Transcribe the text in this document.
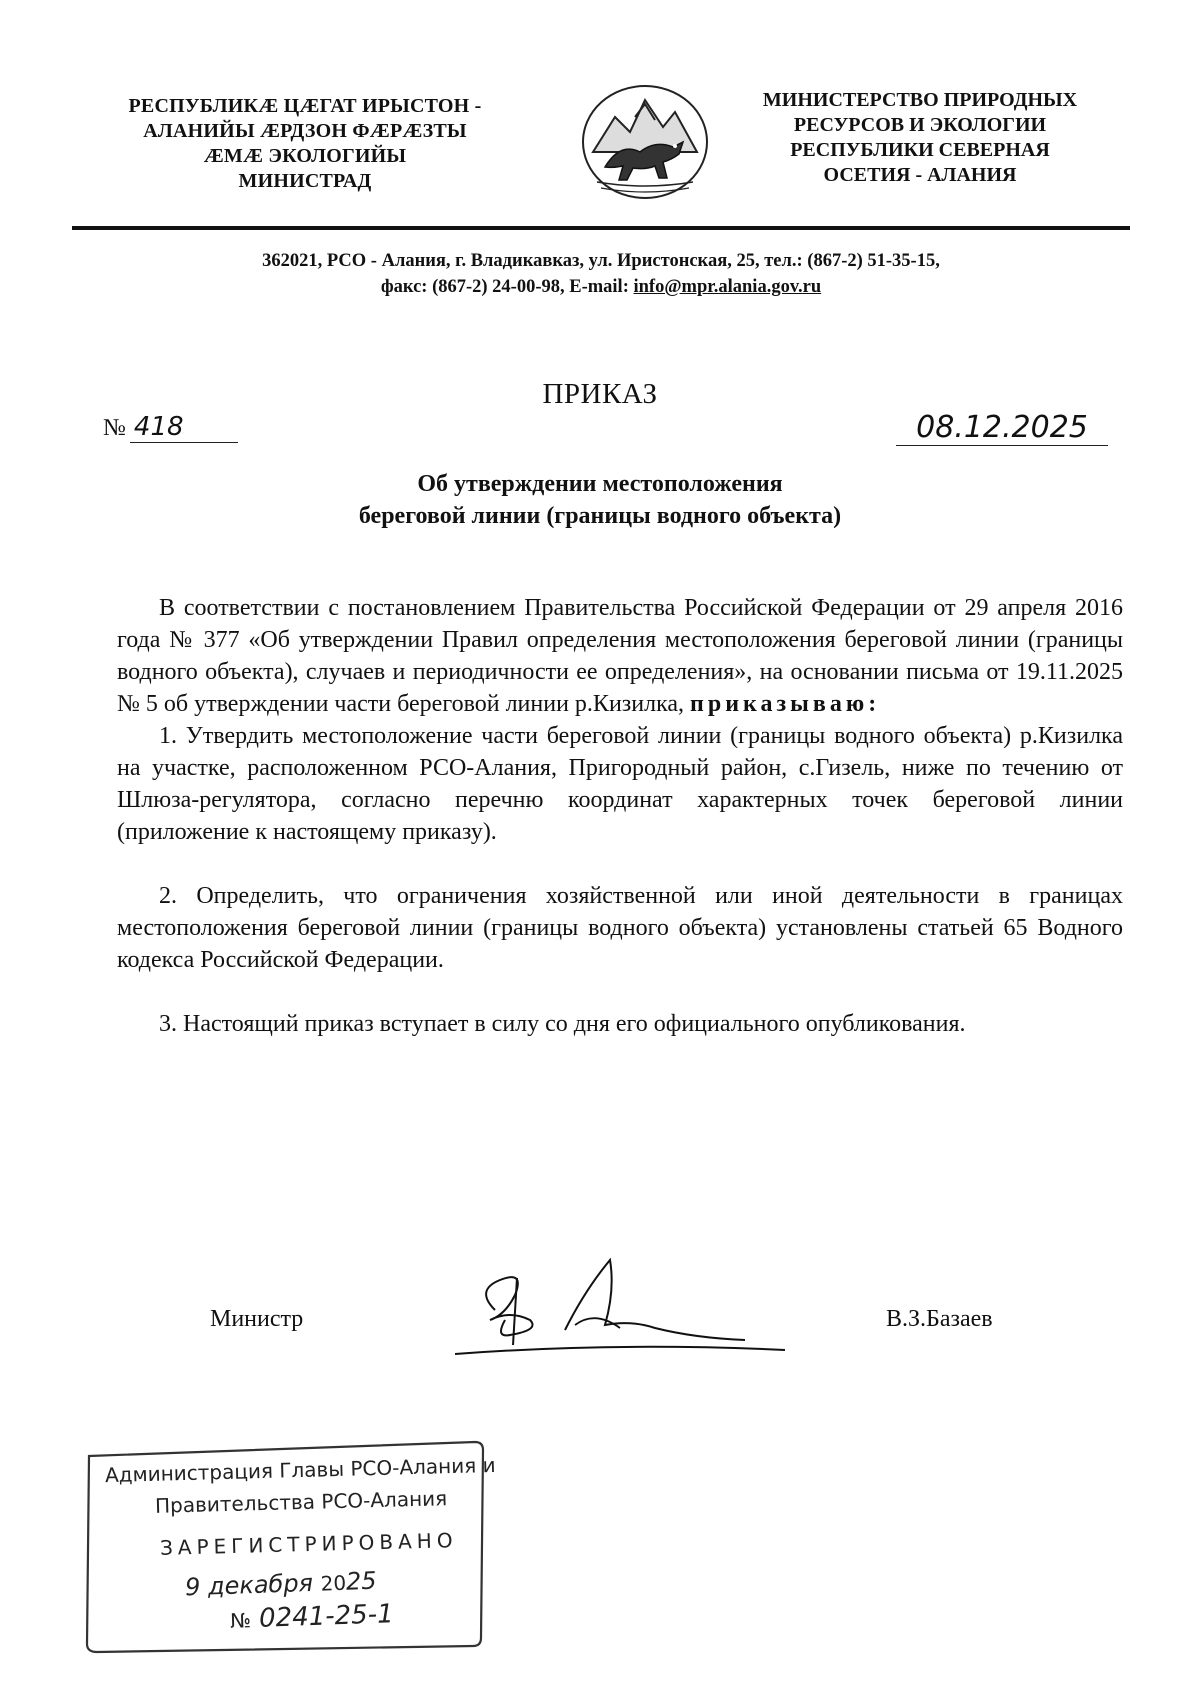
РЕСПУБЛИКӔ ЦӔГАТ ИРЫСТОН -
АЛАНИЙЫ ӔРДЗОН ФӔРӔЗТЫ
ӔМӔ ЭКОЛОГИЙЫ
МИНИСТРАД
МИНИСТЕРСТВО ПРИРОДНЫХ
РЕСУРСОВ И ЭКОЛОГИИ
РЕСПУБЛИКИ СЕВЕРНАЯ
ОСЕТИЯ - АЛАНИЯ
362021, РСО - Алания, г. Владикавказ, ул. Иристонская, 25, тел.: (867-2) 51-35-15,
факс: (867-2) 24-00-98, E-mail: info@mpr.alania.gov.ru
ПРИКАЗ
№ 418	08.12.2025
Об утверждении местоположения
береговой линии (границы водного объекта)

В соответствии с постановлением Правительства Российской Федерации от 29 апреля 2016 года № 377 «Об утверждении Правил определения местоположения береговой линии (границы водного объекта), случаев и периодичности ее определения», на основании письма от 19.11.2025 № 5 об утверждении части береговой линии р.Кизилка, приказываю:

1. Утвердить местоположение части береговой линии (границы водного объекта) р.Кизилка на участке, расположенном РСО-Алания, Пригородный район, с.Гизель, ниже по течению от Шлюза-регулятора, согласно перечню координат характерных точек береговой линии (приложение к настоящему приказу).

2. Определить, что ограничения хозяйственной или иной деятельности в границах местоположения береговой линии (границы водного объекта) установлены статьей 65 Водного кодекса Российской Федерации.

3. Настоящий приказ вступает в силу со дня его официального опубликования.

Министр	В.З.Базаев
Администрация Главы РСО-Алания и
Правительства РСО-Алания
ЗАРЕГИСТРИРОВАНО
9 декабря 2025
№ 0241-25-1
